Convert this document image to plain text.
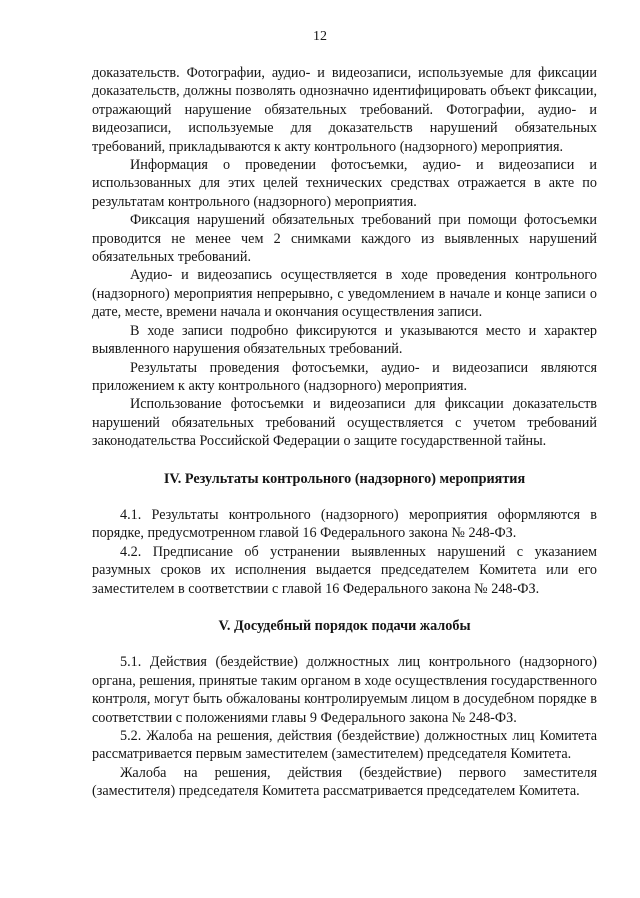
12

доказательств. Фотографии, аудио- и видеозаписи, используемые для фиксации доказательств, должны позволять однозначно идентифицировать объект фиксации, отражающий нарушение обязательных требований. Фотографии, аудио- и видеозаписи, используемые для доказательств нарушений обязательных требований, прикладываются к акту контрольного (надзорного) мероприятия.

Информация о проведении фотосъемки, аудио- и видеозаписи и использованных для этих целей технических средствах отражается в акте по результатам контрольного (надзорного) мероприятия.

Фиксация нарушений обязательных требований при помощи фотосъемки проводится не менее чем 2 снимками каждого из выявленных нарушений обязательных требований.

Аудио- и видеозапись осуществляется в ходе проведения контрольного (надзорного) мероприятия непрерывно, с уведомлением в начале и конце записи о дате, месте, времени начала и окончания осуществления записи.

В ходе записи подробно фиксируются и указываются место и характер выявленного нарушения обязательных требований.

Результаты проведения фотосъемки, аудио- и видеозаписи являются приложением к акту контрольного (надзорного) мероприятия.

Использование фотосъемки и видеозаписи для фиксации доказательств нарушений обязательных требований осуществляется с учетом требований законодательства Российской Федерации о защите государственной тайны.

IV. Результаты контрольного (надзорного) мероприятия

4.1. Результаты контрольного (надзорного) мероприятия оформляются в порядке, предусмотренном главой 16 Федерального закона № 248-ФЗ.

4.2. Предписание об устранении выявленных нарушений с указанием разумных сроков их исполнения выдается председателем Комитета или его заместителем в соответствии с главой 16 Федерального закона № 248-ФЗ.

V. Досудебный порядок подачи жалобы

5.1. Действия (бездействие) должностных лиц контрольного (надзорного) органа, решения, принятые таким органом в ходе осуществления государственного контроля, могут быть обжалованы контролируемым лицом в досудебном порядке в соответствии с положениями главы 9 Федерального закона № 248-ФЗ.

5.2. Жалоба на решения, действия (бездействие) должностных лиц Комитета рассматривается первым заместителем (заместителем) председателя Комитета.

Жалоба на решения, действия (бездействие) первого заместителя (заместителя) председателя Комитета рассматривается председателем Комитета.
